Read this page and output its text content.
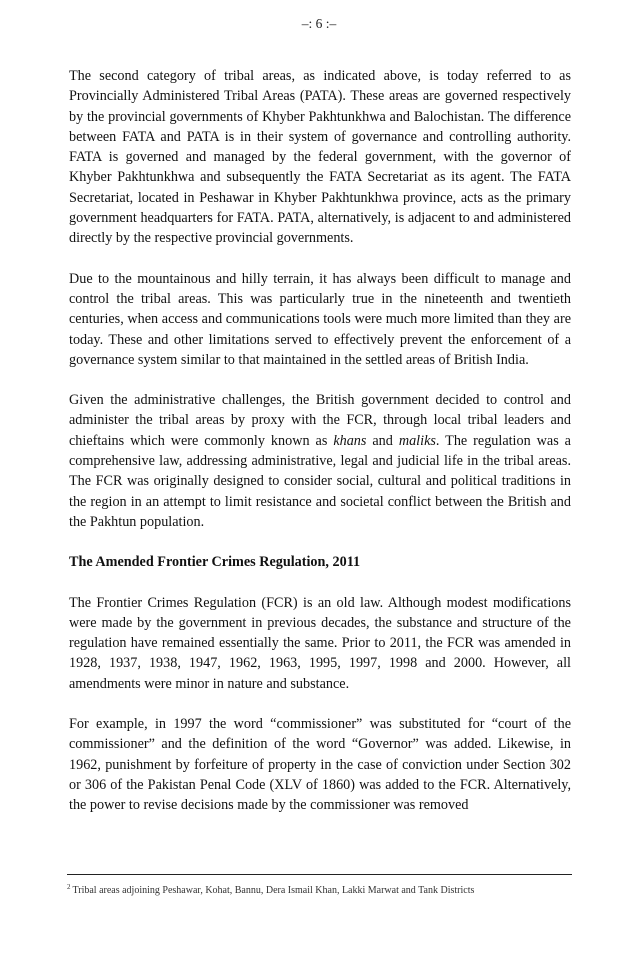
–: 6 :–

The second category of tribal areas, as indicated above, is today referred to as Provincially Administered Tribal Areas (PATA). These areas are governed respectively by the provincial governments of Khyber Pakhtunkhwa and Balochistan. The difference between FATA and PATA is in their system of governance and controlling authority. FATA is governed and managed by the federal government, with the governor of Khyber Pakhtunkhwa and subsequently the FATA Secretariat as its agent. The FATA Secretariat, located in Peshawar in Khyber Pakhtunkhwa province, acts as the primary government headquarters for FATA. PATA, alternatively, is adjacent to and administered directly by the respective provincial governments.

Due to the mountainous and hilly terrain, it has always been difficult to manage and control the tribal areas. This was particularly true in the nineteenth and twentieth centuries, when access and communications tools were much more limited than they are today. These and other limitations served to effectively prevent the enforcement of a governance system similar to that maintained in the settled areas of British India.

Given the administrative challenges, the British government decided to control and administer the tribal areas by proxy with the FCR, through local tribal leaders and chieftains which were commonly known as khans and maliks. The regulation was a comprehensive law, addressing administrative, legal and judicial life in the tribal areas. The FCR was originally designed to consider social, cultural and political traditions in the region in an attempt to limit resistance and societal conflict between the British and the Pakhtun population.

The Amended Frontier Crimes Regulation, 2011

The Frontier Crimes Regulation (FCR) is an old law. Although modest modifications were made by the government in previous decades, the substance and structure of the regulation have remained essentially the same. Prior to 2011, the FCR was amended in 1928, 1937, 1938, 1947, 1962, 1963, 1995, 1997, 1998 and 2000. However, all amendments were minor in nature and substance.

For example, in 1997 the word “commissioner” was substituted for “court of the commissioner” and the definition of the word “Governor” was added. Likewise, in 1962, punishment by forfeiture of property in the case of conviction under Section 302 or 306 of the Pakistan Penal Code (XLV of 1860) was added to the FCR. Alternatively, the power to revise decisions made by the commissioner was removed

$^2$ Tribal areas adjoining Peshawar, Kohat, Bannu, Dera Ismail Khan, Lakki Marwat and Tank Districts
